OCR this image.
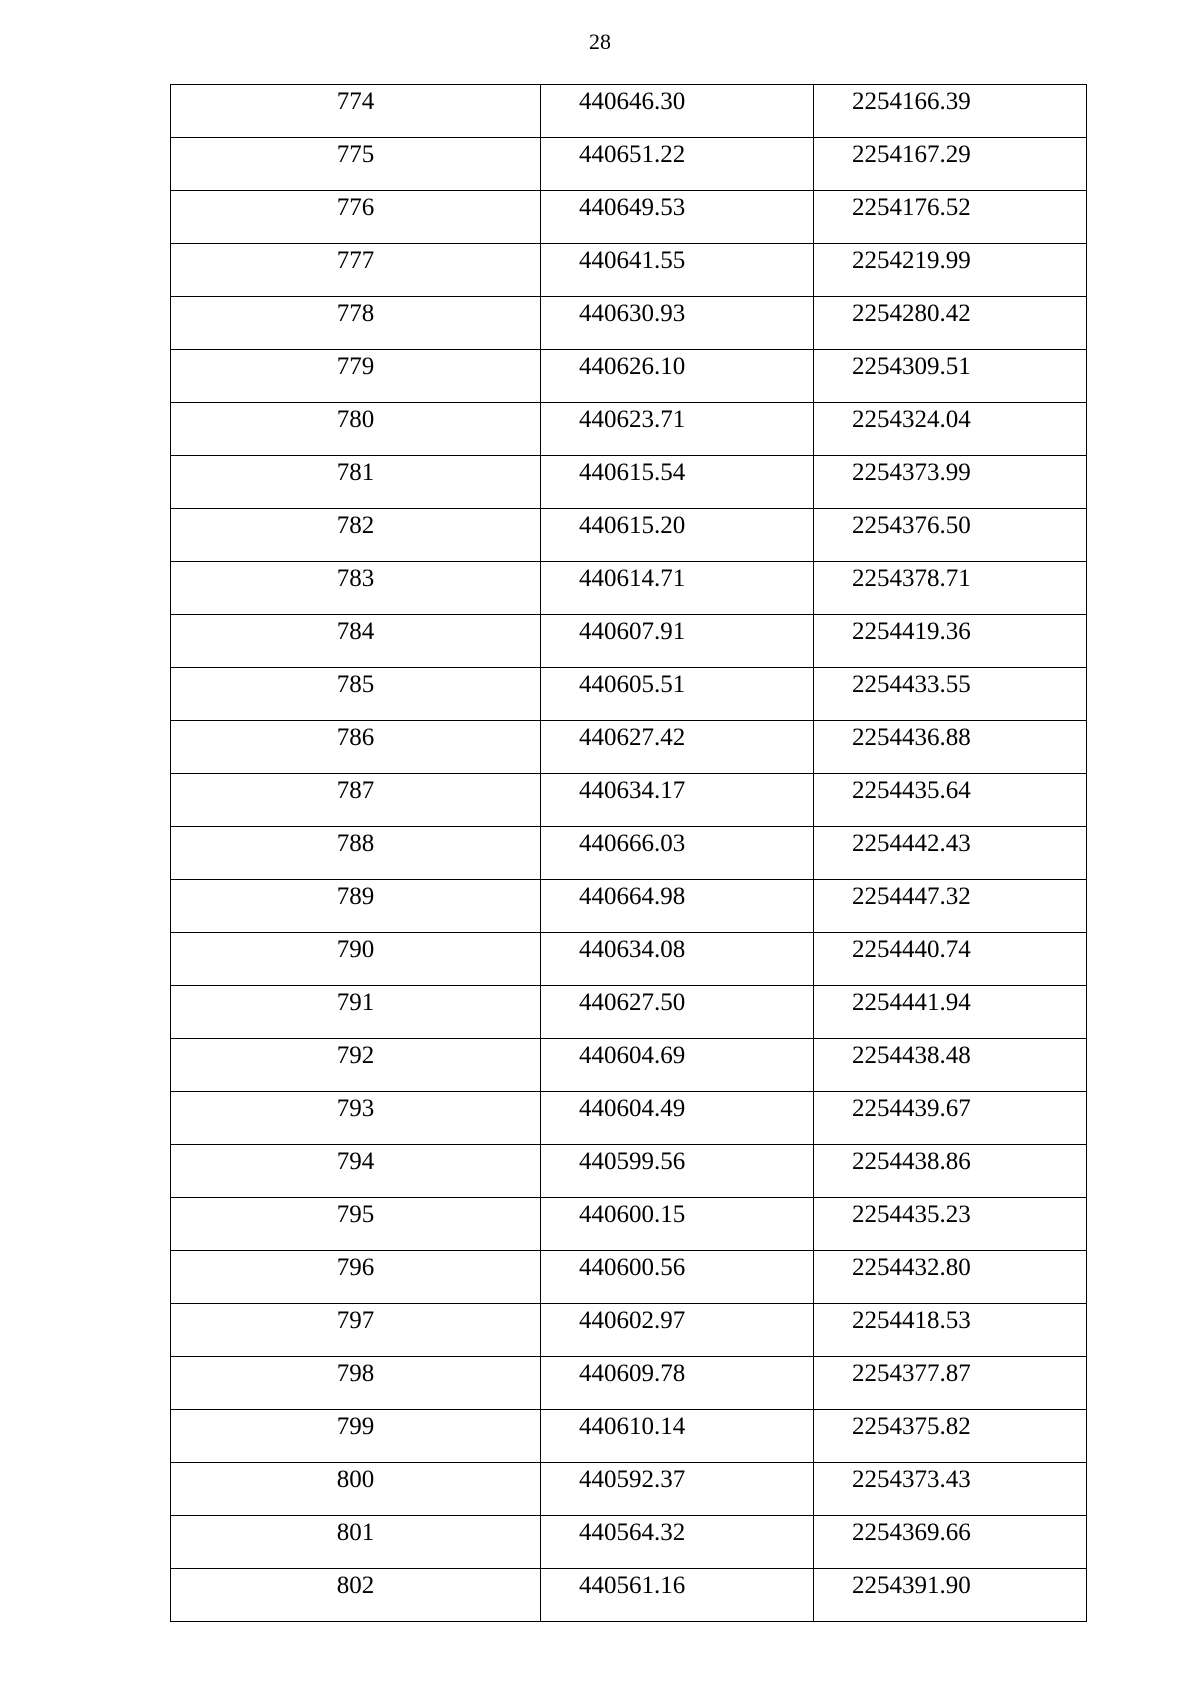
28
774	440646.30	2254166.39

775	440651.22	2254167.29

776	440649.53	2254176.52

777	440641.55	2254219.99

778	440630.93	2254280.42

779	440626.10	2254309.51

780	440623.71	2254324.04

781	440615.54	2254373.99

782	440615.20	2254376.50

783	440614.71	2254378.71

784	440607.91	2254419.36

785	440605.51	2254433.55

786	440627.42	2254436.88

787	440634.17	2254435.64

788	440666.03	2254442.43

789	440664.98	2254447.32

790	440634.08	2254440.74

791	440627.50	2254441.94

792	440604.69	2254438.48

793	440604.49	2254439.67

794	440599.56	2254438.86

795	440600.15	2254435.23

796	440600.56	2254432.80

797	440602.97	2254418.53

798	440609.78	2254377.87

799	440610.14	2254375.82

800	440592.37	2254373.43

801	440564.32	2254369.66

802	440561.16	2254391.90
